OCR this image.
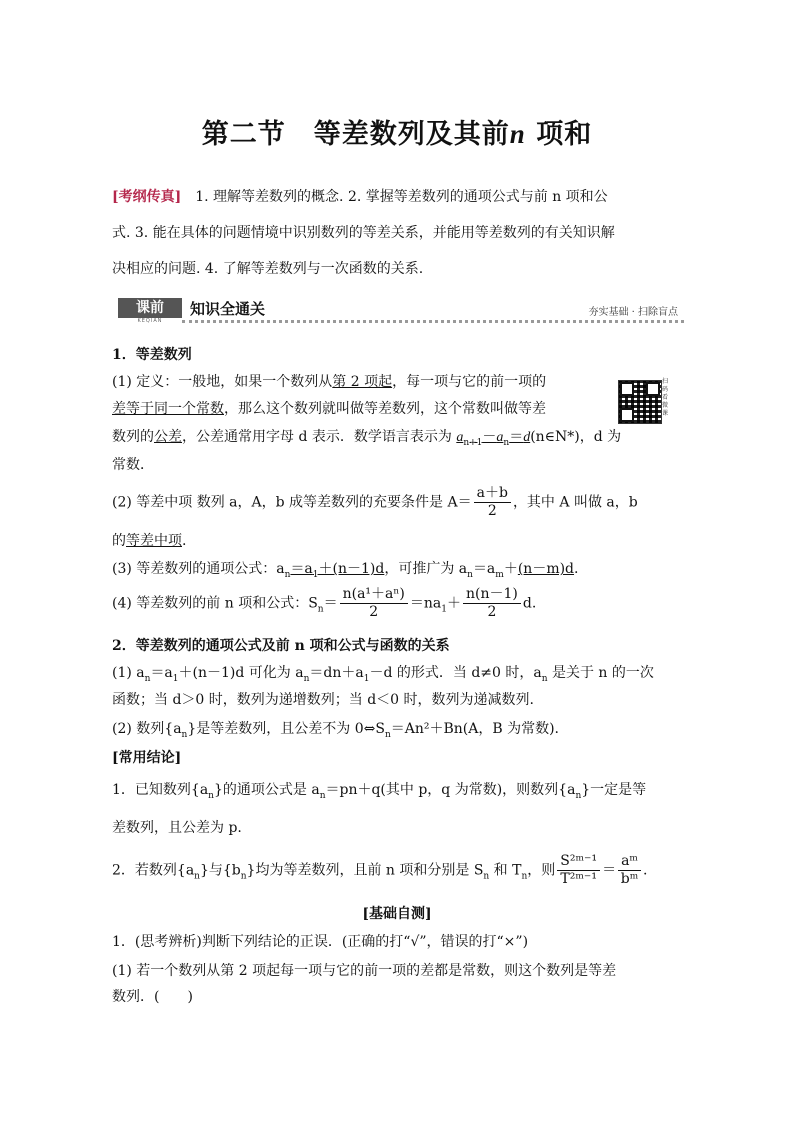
第二节　等差数列及其前n 项和
[考纲传真]　1. 理解等差数列的概念. 2. 掌握等差数列的通项公式与前 n 项和公
式. 3. 能在具体的问题情境中识别数列的等差关系，并能用等差数列的有关知识解
决相应的问题. 4. 了解等差数列与一次函数的关系.
课前
KEQIAN
知识全通关	夯实基础 · 扫除盲点
1．等差数列
(1) 定义：一般地，如果一个数列从第 2 项起，每一项与它的前一项的	扫码看微课
差等于同一个常数，那么这个数列就叫做等差数列，这个常数叫做等差
数列的公差，公差通常用字母 d 表示．数学语言表示为 $a_{n+1}-a_n=d(n\in N*)$，d 为
常数．
(2) 等差中项 数列 a，A，b 成等差数列的充要条件是 $A= \frac{a+b}{2}$ ，其中 A 叫做 a，b
的等差中项.
(3) 等差数列的通项公式：$a_n=a_1+(n-1)d$，可推广为 $a_n=a_m+(n-m)d$.
(4) 等差数列的前 n 项和公式：$S_n= \frac{\text{n(a¹＋aⁿ)}}{2} =na_1+ \frac{n(n-1)}{2} d$.
2．等差数列的通项公式及前 n 项和公式与函数的关系
(1) $a_n=a_1+(n-1)d$ 可化为 $a_n=dn+a_1-d$ 的形式．当 d≠0 时，$a_n$ 是关于 n 的一次
函数；当 d＞0 时，数列为递增数列；当 d＜0 时，数列为递减数列.
(2) 数列$\{a_n\}$是等差数列，且公差不为 $0\Leftrightarrow S_n=An^2+Bn(A$，B 为常数).
[常用结论]
1．已知数列$\{a_n\}$的通项公式是 $a_n=pn+q$(其中 p，q 为常数)，则数列$\{a_n\}$一定是等
差数列，且公差为 p.
2．若数列$\{a_n\}$与$\{b_n\}$均为等差数列，且前 n 项和分别是 $S_n$ 和 $T_n$，则 $\frac{\text{S²ᵐ⁻¹}}{\text{T²ᵐ⁻¹}} = \frac{\text{aᵐ}}{\text{bᵐ}}$ .
[基础自测]
1．(思考辨析)判断下列结论的正误．(正确的打“√”，错误的打“×”)
(1) 若一个数列从第 2 项起每一项与它的前一项的差都是常数，则这个数列是等差
数列．(　　)
